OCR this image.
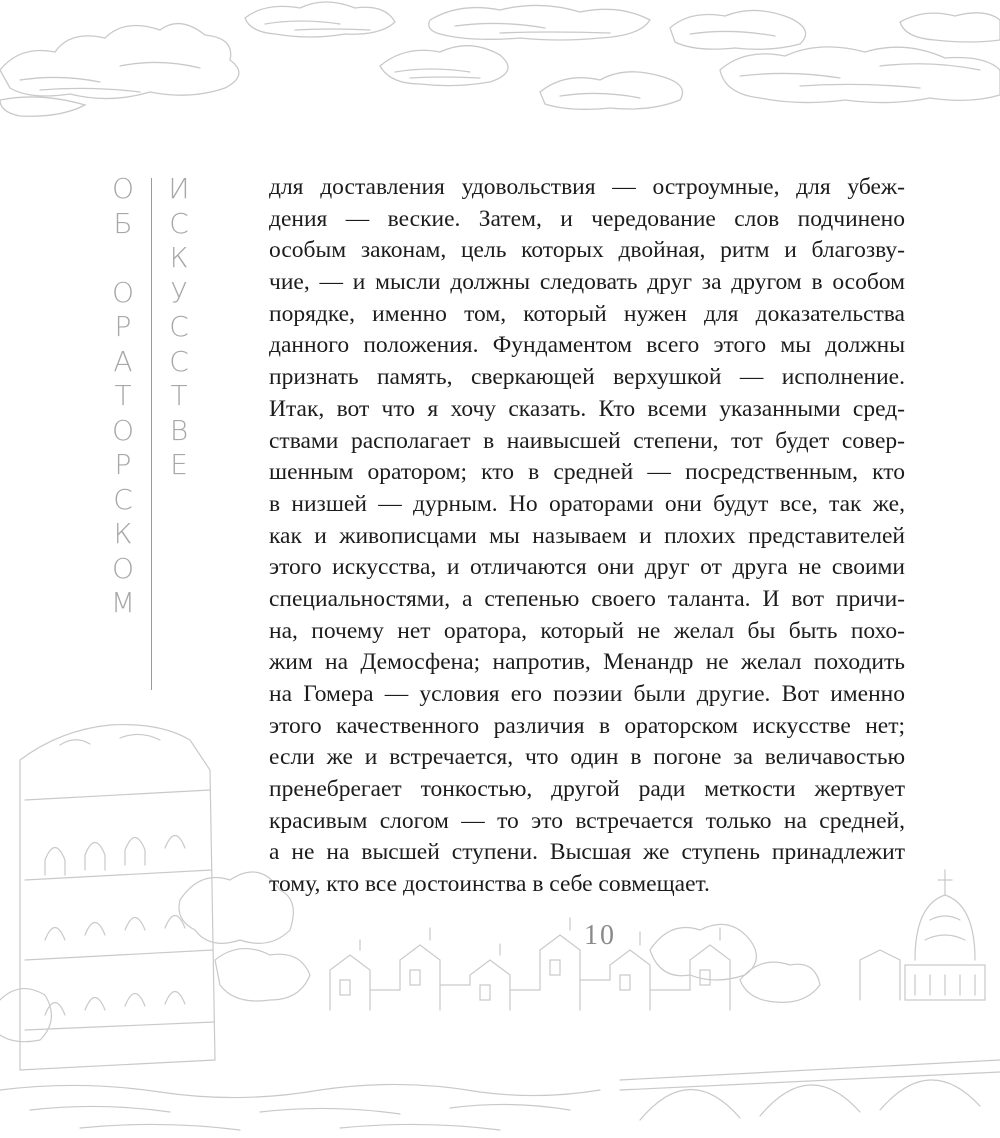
О
Б
О
Р
А
Т
О
Р
С
К
О
М
И
С
К
У
С
С
Т
В
Е
для доставления удовольствия — остроумные, для убеж-
дения — веские. Затем, и чередование слов подчинено
особым законам, цель которых двойная, ритм и благозву-
чие, — и мысли должны следовать друг за другом в особом
порядке, именно том, который нужен для доказательства
данного положения. Фундаментом всего этого мы должны
признать память, сверкающей верхушкой — исполнение.
Итак, вот что я хочу сказать. Кто всеми указанными сред-
ствами располагает в наивысшей степени, тот будет совер-
шенным оратором; кто в средней — посредственным, кто
в низшей — дурным. Но ораторами они будут все, так же,
как и живописцами мы называем и плохих представителей
этого искусства, и отличаются они друг от друга не своими
специальностями, а степенью своего таланта. И вот причи-
на, почему нет оратора, который не желал бы быть похо-
жим на Демосфена; напротив, Менандр не желал походить
на Гомера — условия его поэзии были другие. Вот именно
этого качественного различия в ораторском искусстве нет;
если же и встречается, что один в погоне за величавостью
пренебрегает тонкостью, другой ради меткости жертвует
красивым слогом — то это встречается только на средней,
а не на высшей ступени. Высшая же ступень принадлежит
тому, кто все достоинства в себе совмещает.
10
